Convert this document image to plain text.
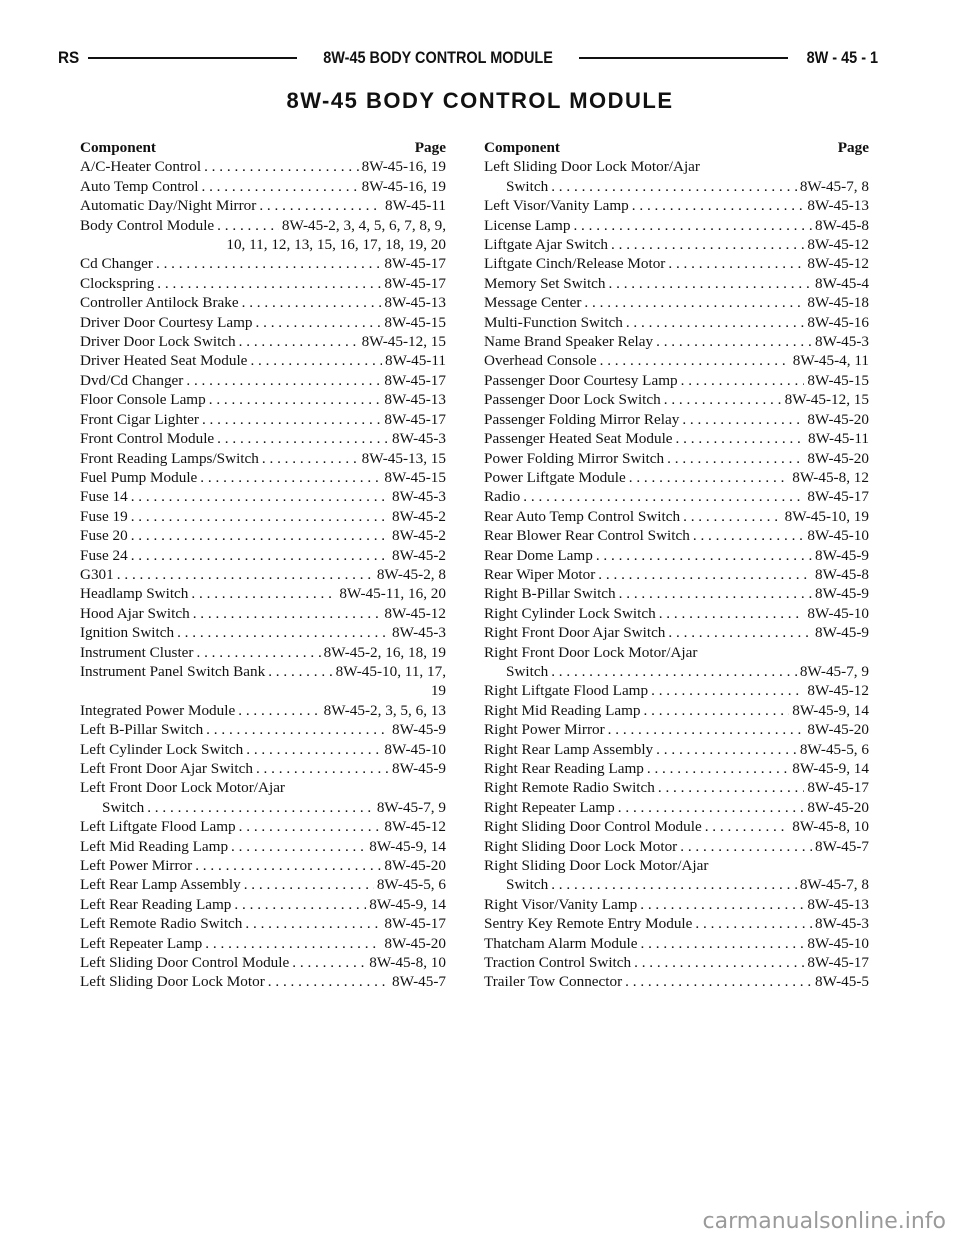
RS	8W-45 BODY CONTROL MODULE	8W - 45 - 1
8W-45 BODY CONTROL MODULE
Component	Page
A/C-Heater Control . . .	8W-45-16, 19
Auto Temp Control . . .	8W-45-16, 19
Automatic Day/Night Mirror . . .	8W-45-11
Body Control Module . . .	8W-45-2, 3, 4, 5, 6, 7, 8, 9,
10, 11, 12, 13, 15, 16, 17, 18, 19, 20
Cd Changer . . .	8W-45-17
Clockspring . . .	8W-45-17
Controller Antilock Brake . . .	8W-45-13
Driver Door Courtesy Lamp . . .	8W-45-15
Driver Door Lock Switch . . .	8W-45-12, 15
Driver Heated Seat Module . . .	8W-45-11
Dvd/Cd Changer . . .	8W-45-17
Floor Console Lamp . . .	8W-45-13
Front Cigar Lighter . . .	8W-45-17
Front Control Module . . .	8W-45-3
Front Reading Lamps/Switch . . .	8W-45-13, 15
Fuel Pump Module . . .	8W-45-15
Fuse 14 . . .	8W-45-3
Fuse 19 . . .	8W-45-2
Fuse 20 . . .	8W-45-2
Fuse 24 . . .	8W-45-2
G301 . . .	8W-45-2, 8
Headlamp Switch . . .	8W-45-11, 16, 20
Hood Ajar Switch . . .	8W-45-12
Ignition Switch . . .	8W-45-3
Instrument Cluster . . .	8W-45-2, 16, 18, 19
Instrument Panel Switch Bank . . .	8W-45-10, 11, 17,
19
Integrated Power Module . . .	8W-45-2, 3, 5, 6, 13
Left B-Pillar Switch . . .	8W-45-9
Left Cylinder Lock Switch . . .	8W-45-10
Left Front Door Ajar Switch . . .	8W-45-9
Left Front Door Lock Motor/Ajar
Switch . . .	8W-45-7, 9
Left Liftgate Flood Lamp . . .	8W-45-12
Left Mid Reading Lamp . . .	8W-45-9, 14
Left Power Mirror . . .	8W-45-20
Left Rear Lamp Assembly . . .	8W-45-5, 6
Left Rear Reading Lamp . . .	8W-45-9, 14
Left Remote Radio Switch . . .	8W-45-17
Left Repeater Lamp . . .	8W-45-20
Left Sliding Door Control Module . . .	8W-45-8, 10
Left Sliding Door Lock Motor . . .	8W-45-7
Component	Page
Left Sliding Door Lock Motor/Ajar
Switch . . .	8W-45-7, 8
Left Visor/Vanity Lamp . . .	8W-45-13
License Lamp . . .	8W-45-8
Liftgate Ajar Switch . . .	8W-45-12
Liftgate Cinch/Release Motor . . .	8W-45-12
Memory Set Switch . . .	8W-45-4
Message Center . . .	8W-45-18
Multi-Function Switch . . .	8W-45-16
Name Brand Speaker Relay . . .	8W-45-3
Overhead Console . . .	8W-45-4, 11
Passenger Door Courtesy Lamp . . .	8W-45-15
Passenger Door Lock Switch . . .	8W-45-12, 15
Passenger Folding Mirror Relay . . .	8W-45-20
Passenger Heated Seat Module . . .	8W-45-11
Power Folding Mirror Switch . . .	8W-45-20
Power Liftgate Module . . .	8W-45-8, 12
Radio . . .	8W-45-17
Rear Auto Temp Control Switch . . .	8W-45-10, 19
Rear Blower Rear Control Switch . . .	8W-45-10
Rear Dome Lamp . . .	8W-45-9
Rear Wiper Motor . . .	8W-45-8
Right B-Pillar Switch . . .	8W-45-9
Right Cylinder Lock Switch . . .	8W-45-10
Right Front Door Ajar Switch . . .	8W-45-9
Right Front Door Lock Motor/Ajar
Switch . . .	8W-45-7, 9
Right Liftgate Flood Lamp . . .	8W-45-12
Right Mid Reading Lamp . . .	8W-45-9, 14
Right Power Mirror . . .	8W-45-20
Right Rear Lamp Assembly . . .	8W-45-5, 6
Right Rear Reading Lamp . . .	8W-45-9, 14
Right Remote Radio Switch . . .	8W-45-17
Right Repeater Lamp . . .	8W-45-20
Right Sliding Door Control Module . . .	8W-45-8, 10
Right Sliding Door Lock Motor . . .	8W-45-7
Right Sliding Door Lock Motor/Ajar
Switch . . .	8W-45-7, 8
Right Visor/Vanity Lamp . . .	8W-45-13
Sentry Key Remote Entry Module . . .	8W-45-3
Thatcham Alarm Module . . .	8W-45-10
Traction Control Switch . . .	8W-45-17
Trailer Tow Connector . . .	8W-45-5
carmanualsonline.info
